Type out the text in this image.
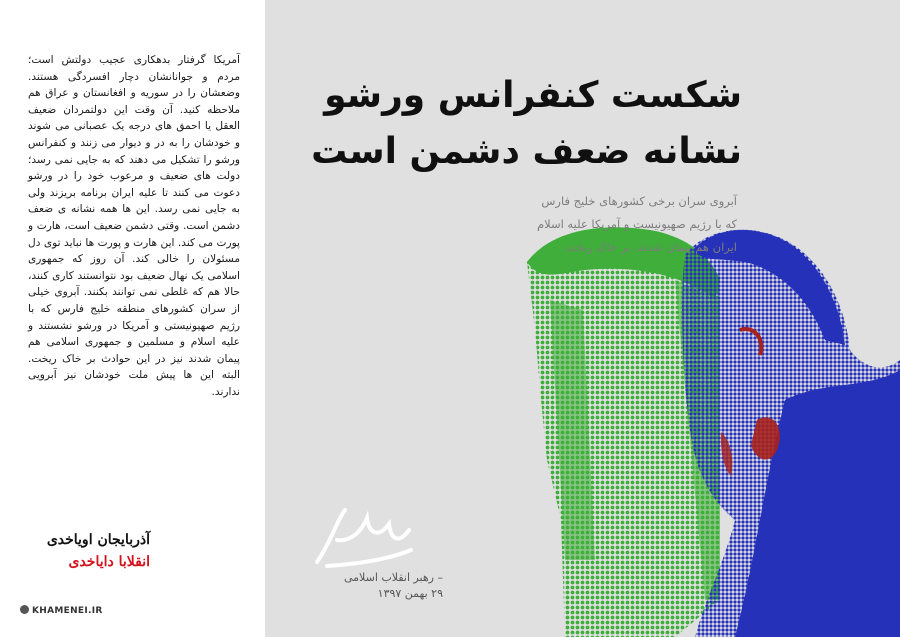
آمریکا گرفتار بدهکاری عجیب دولتش است؛ مردم و جوانانشان دچار افسردگی هستند. وضعشان را در سوریه و افغانستان و عراق هم ملاحظه کنید. آن وقت این دولتمردان ضعیف العقل یا احمق های درجه یک عصبانی می شوند و خودشان را به در و دیوار می زنند و کنفرانس ورشو را تشکیل می دهند که به جایی نمی رسد؛ دولت های ضعیف و مرعوب خود را در ورشو دعوت می کنند تا علیه ایران برنامه بریزند ولی به جایی نمی رسد. این ها همه نشانه ی ضعف دشمن است. وقتی دشمن ضعیف است، هارت و پورت می کند. این هارت و پورت ها نباید توی دل مسئولان را خالی کند. آن روز که جمهوری اسلامی یک نهال ضعیف بود نتوانستند کاری کنند، حالا هم که غلطی نمی توانند بکنند. آبروی خیلی از سران کشورهای منطقه خلیج فارس که با رژیم صهیونیستی و آمریکا در ورشو نشستند و علیه اسلام و مسلمین و جمهوری اسلامی هم پیمان شدند نیز در این حوادث بر خاک ریخت. البته این ها پیش ملت خودشان نیز آبرویی ندارند.
آذربایجان اویاخدی
انقلابا دایاخدی
KHAMENEI.IR
شکست کنفرانس ورشو
نشانه ضعف دشمن است
آبروی سران برخی کشورهای خلیج فارس
که با رژیم صهیونیست و آمریکا علیه اسلام
ایران هم پیمان شدند، بر خاک ریخت
– رهبر انقلاب اسلامی
۲۹ بهمن ۱۳۹۷
